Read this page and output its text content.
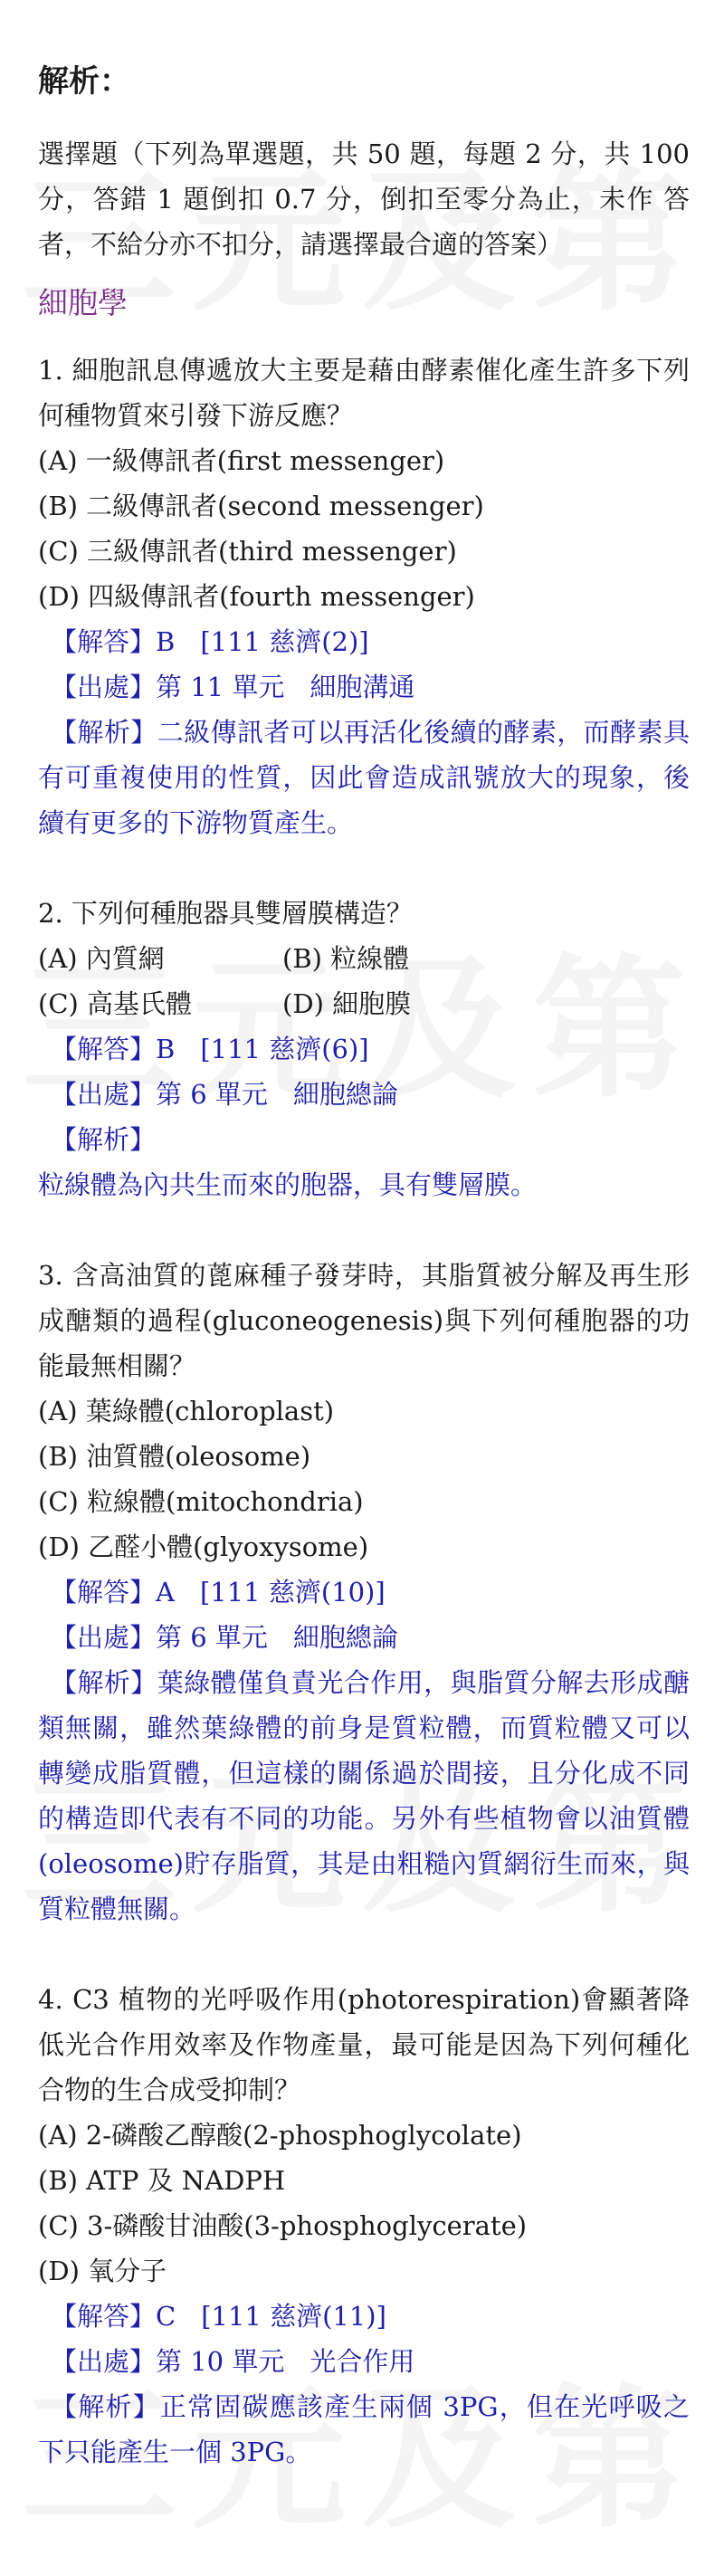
解析：
選擇題（下列為單選題，共 50 題，每題 2 分，共 100 分，答錯 1 題倒扣 0.7 分，倒扣至零分為止，未作 答者，不給分亦不扣分，請選擇最合適的答案）
細胞學
1. 細胞訊息傳遞放大主要是藉由酵素催化產生許多下列何種物質來引發下游反應？
(A) 一級傳訊者(first messenger)
(B) 二級傳訊者(second messenger)
(C) 三級傳訊者(third messenger)
(D) 四級傳訊者(fourth messenger)
【解答】B [111 慈濟(2)]
【出處】第 11 單元 細胞溝通
【解析】二級傳訊者可以再活化後續的酵素，而酵素具有可重複使用的性質，因此會造成訊號放大的現象，後續有更多的下游物質產生。
2. 下列何種胞器具雙層膜構造？
(A) 內質網	(B) 粒線體
(C) 高基氏體	(D) 細胞膜
【解答】B [111 慈濟(6)]
【出處】第 6 單元 細胞總論
【解析】
粒線體為內共生而來的胞器，具有雙層膜。
3. 含高油質的蓖麻種子發芽時，其脂質被分解及再生形成醣類的過程(gluconeogenesis)與下列何種胞器的功能最無相關？
(A) 葉綠體(chloroplast)
(B) 油質體(oleosome)
(C) 粒線體(mitochondria)
(D) 乙醛小體(glyoxysome)
【解答】A [111 慈濟(10)]
【出處】第 6 單元 細胞總論
【解析】葉綠體僅負責光合作用，與脂質分解去形成醣類無關，雖然葉綠體的前身是質粒體，而質粒體又可以轉變成脂質體，但這樣的關係過於間接，且分化成不同的構造即代表有不同的功能。另外有些植物會以油質體(oleosome)貯存脂質，其是由粗糙內質網衍生而來，與質粒體無關。
4. C3 植物的光呼吸作用(photorespiration)會顯著降低光合作用效率及作物產量，最可能是因為下列何種化合物的生合成受抑制？
(A) 2-磷酸乙醇酸(2-phosphoglycolate)
(B) ATP 及 NADPH
(C) 3-磷酸甘油酸(3-phosphoglycerate)
(D) 氧分子
【解答】C [111 慈濟(11)]
【出處】第 10 單元 光合作用
【解析】正常固碳應該產生兩個 3PG，但在光呼吸之下只能產生一個 3PG。
